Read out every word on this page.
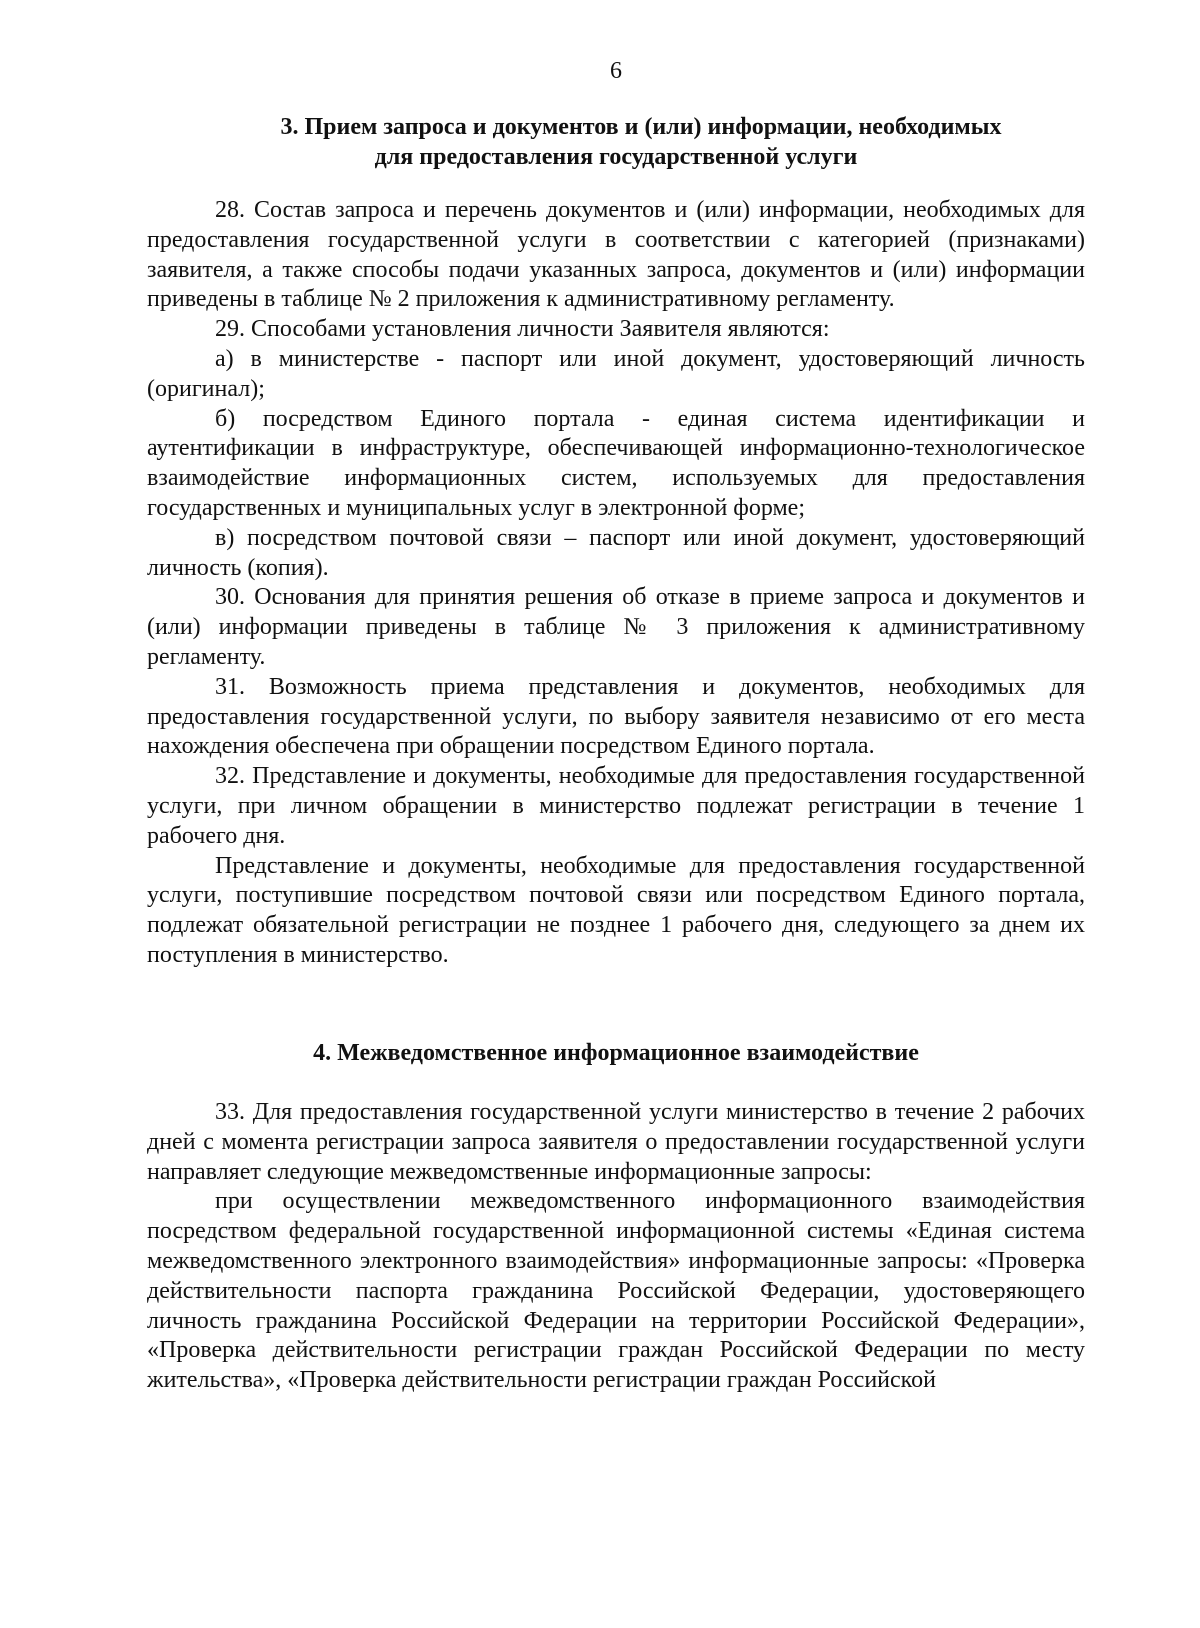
6
3. Прием запроса и документов и (или) информации, необходимых
для предоставления государственной услуги

28. Состав запроса и перечень документов и (или) информации, необходимых для предоставления государственной услуги в соответствии с категорией (признаками) заявителя, а также способы подачи указанных запроса, документов и (или) информации приведены в таблице № 2 приложения к административному регламенту.

29. Способами установления личности Заявителя являются:

а) в министерстве - паспорт или иной документ, удостоверяющий личность (оригинал);

б) посредством Единого портала - единая система идентификации и аутентификации в инфраструктуре, обеспечивающей информационно-технологическое взаимодействие информационных систем, используемых для предоставления государственных и муниципальных услуг в электронной форме;

в) посредством почтовой связи – паспорт или иной документ, удостоверяющий личность (копия).

30. Основания для принятия решения об отказе в приеме запроса и документов и (или) информации приведены в таблице № 3 приложения к административному регламенту.

31. Возможность приема представления и документов, необходимых для предоставления государственной услуги, по выбору заявителя независимо от его места нахождения обеспечена при обращении посредством Единого портала.

32. Представление и документы, необходимые для предоставления государственной услуги, при личном обращении в министерство подлежат регистрации в течение 1 рабочего дня.

Представление и документы, необходимые для предоставления государственной услуги, поступившие посредством почтовой связи или посредством Единого портала, подлежат обязательной регистрации не позднее 1 рабочего дня, следующего за днем их поступления в министерство.

4. Межведомственное информационное взаимодействие

33. Для предоставления государственной услуги министерство в течение 2 рабочих дней с момента регистрации запроса заявителя о предоставлении государственной услуги направляет следующие межведомственные информационные запросы:

при осуществлении межведомственного информационного взаимодействия посредством федеральной государственной информационной системы «Единая система межведомственного электронного взаимодействия» информационные запросы: «Проверка действительности паспорта гражданина Российской Федерации, удостоверяющего личность гражданина Российской Федерации на территории Российской Федерации», «Проверка действительности регистрации граждан Российской Федерации по месту жительства», «Проверка действительности регистрации граждан Российской
